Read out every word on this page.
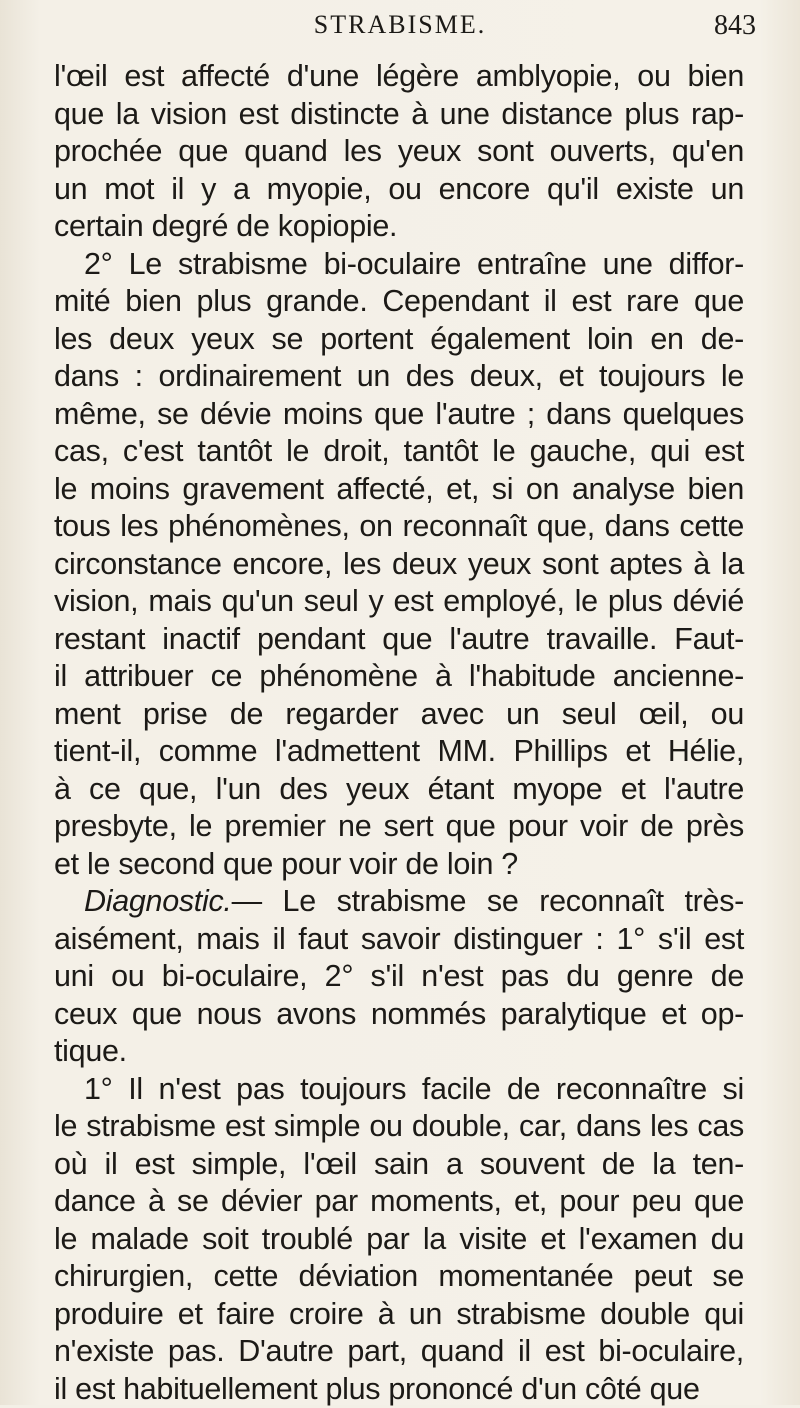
STRABISME.	843
l'œil est affecté d'une légère amblyopie, ou bien
que la vision est distincte à une distance plus rap-
prochée que quand les yeux sont ouverts, qu'en
un mot il y a myopie, ou encore qu'il existe un
certain degré de kopiopie.
2° Le strabisme bi-oculaire entraîne une diffor-
mité bien plus grande. Cependant il est rare que
les deux yeux se portent également loin en de-
dans : ordinairement un des deux, et toujours le
même, se dévie moins que l'autre ; dans quelques
cas, c'est tantôt le droit, tantôt le gauche, qui est
le moins gravement affecté, et, si on analyse bien
tous les phénomènes, on reconnaît que, dans cette
circonstance encore, les deux yeux sont aptes à la
vision, mais qu'un seul y est employé, le plus dévié
restant inactif pendant que l'autre travaille. Faut-
il attribuer ce phénomène à l'habitude ancienne-
ment prise de regarder avec un seul œil, ou
tient-il, comme l'admettent MM. Phillips et Hélie,
à ce que, l'un des yeux étant myope et l'autre
presbyte, le premier ne sert que pour voir de près
et le second que pour voir de loin ?
Diagnostic.— Le strabisme se reconnaît très-
aisément, mais il faut savoir distinguer : 1° s'il est
uni ou bi-oculaire, 2° s'il n'est pas du genre de
ceux que nous avons nommés paralytique et op-
tique.
1° Il n'est pas toujours facile de reconnaître si
le strabisme est simple ou double, car, dans les cas
où il est simple, l'œil sain a souvent de la ten-
dance à se dévier par moments, et, pour peu que
le malade soit troublé par la visite et l'examen du
chirurgien, cette déviation momentanée peut se
produire et faire croire à un strabisme double qui
n'existe pas. D'autre part, quand il est bi-oculaire,
il est habituellement plus prononcé d'un côté que
